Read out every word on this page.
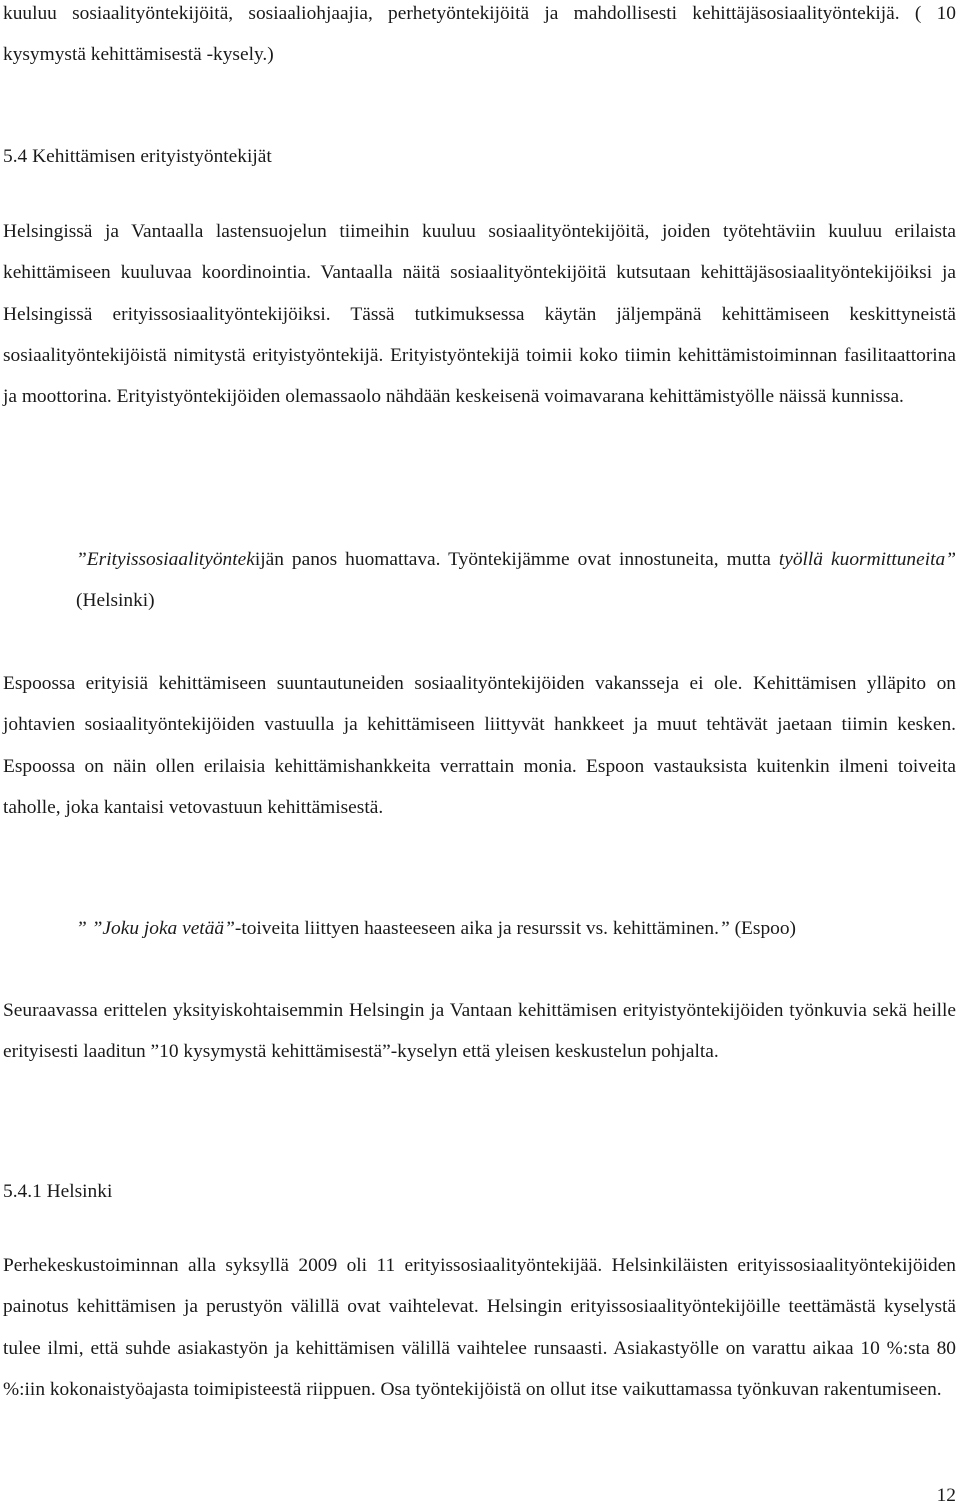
kuuluu sosiaalityöntekijöitä, sosiaaliohjaajia, perhetyöntekijöitä ja mahdollisesti kehittäjäsosiaalityöntekijä. ( 10 kysymystä kehittämisestä -kysely.)

5.4 Kehittämisen erityistyöntekijät

Helsingissä ja Vantaalla lastensuojelun tiimeihin kuuluu sosiaalityöntekijöitä, joiden työtehtäviin kuuluu erilaista kehittämiseen kuuluvaa koordinointia. Vantaalla näitä sosiaalityöntekijöitä kutsutaan kehittäjäsosiaalityöntekijöiksi ja Helsingissä erityissosiaalityöntekijöiksi. Tässä tutkimuksessa käytän jäljempänä kehittämiseen keskittyneistä sosiaalityöntekijöistä nimitystä erityistyöntekijä. Erityistyöntekijä toimii koko tiimin kehittämistoiminnan fasilitaattorina ja moottorina. Erityistyöntekijöiden olemassaolo nähdään keskeisenä voimavarana kehittämistyölle näissä kunnissa.

”Erityissosiaalityöntekijän panos huomattava. Työntekijämme ovat innostuneita, mutta työllä kuormittuneita” (Helsinki)

Espoossa erityisiä kehittämiseen suuntautuneiden sosiaalityöntekijöiden vakansseja ei ole. Kehittämisen ylläpito on johtavien sosiaalityöntekijöiden vastuulla ja kehittämiseen liittyvät hankkeet ja muut tehtävät jaetaan tiimin kesken. Espoossa on näin ollen erilaisia kehittämishankkeita verrattain monia. Espoon vastauksista kuitenkin ilmeni toiveita taholle, joka kantaisi vetovastuun kehittämisestä.

” ”Joku joka vetää”-toiveita liittyen haasteeseen aika ja resurssit vs. kehittäminen.” (Espoo)

Seuraavassa erittelen yksityiskohtaisemmin Helsingin ja Vantaan kehittämisen erityistyöntekijöiden työnkuvia sekä heille erityisesti laaditun ”10 kysymystä kehittämisestä”-kyselyn että yleisen keskustelun pohjalta.

5.4.1 Helsinki

Perhekeskustoiminnan alla syksyllä 2009 oli 11 erityissosiaalityöntekijää. Helsinkiläisten erityissosiaalityöntekijöiden painotus kehittämisen ja perustyön välillä ovat vaihtelevat. Helsingin erityissosiaalityöntekijöille teettämästä kyselystä tulee ilmi, että suhde asiakastyön ja kehittämisen välillä vaihtelee runsaasti. Asiakastyölle on varattu aikaa 10 %:sta 80 %:iin kokonaistyöajasta toimipisteestä riippuen. Osa työntekijöistä on ollut itse vaikuttamassa työnkuvan rakentumiseen.

12
